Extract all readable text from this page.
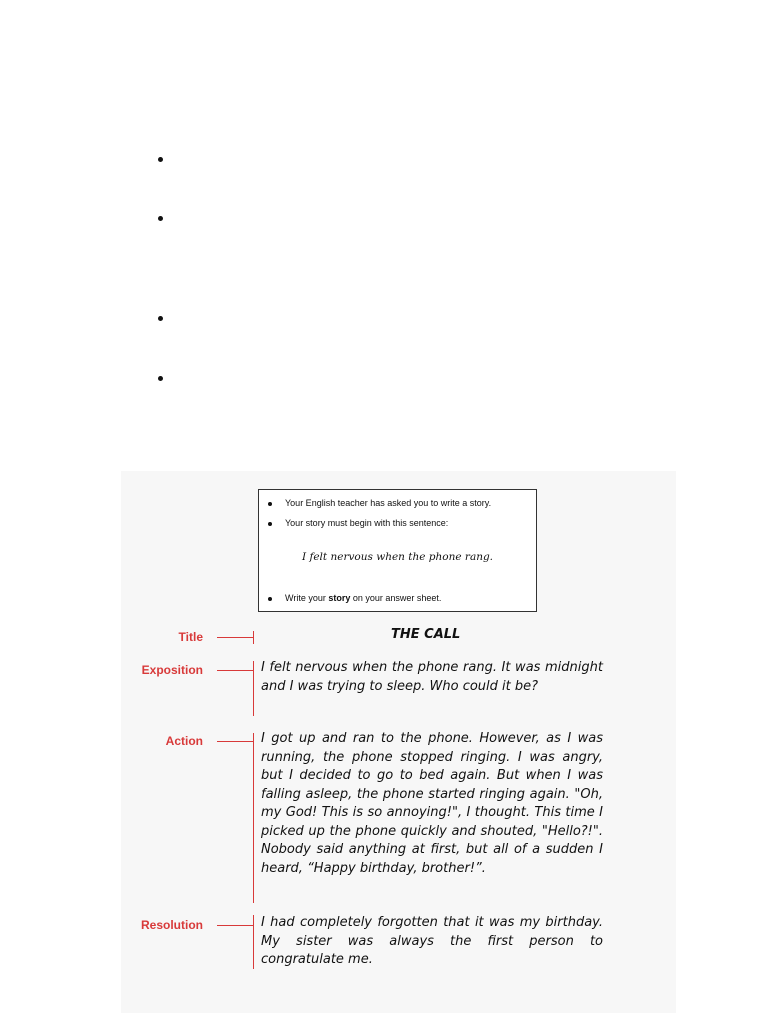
Your English teacher has asked you to write a story.
Your story must begin with this sentence:
I felt nervous when the phone rang.
Write your story on your answer sheet.
Title	THE CALL
Exposition	I felt nervous when the phone rang. It was midnight and I was trying to sleep. Who could it be?
Action	I got up and ran to the phone. However, as I was running, the phone stopped ringing. I was angry, but I decided to go to bed again. But when I was falling asleep, the phone started ringing again. "Oh, my God! This is so annoying!", I thought. This time I picked up the phone quickly and shouted, "Hello?!". Nobody said anything at first, but all of a sudden I heard, “Happy birthday, brother!”.
Resolution	I had completely forgotten that it was my birthday. My sister was always the first person to congratulate me.
